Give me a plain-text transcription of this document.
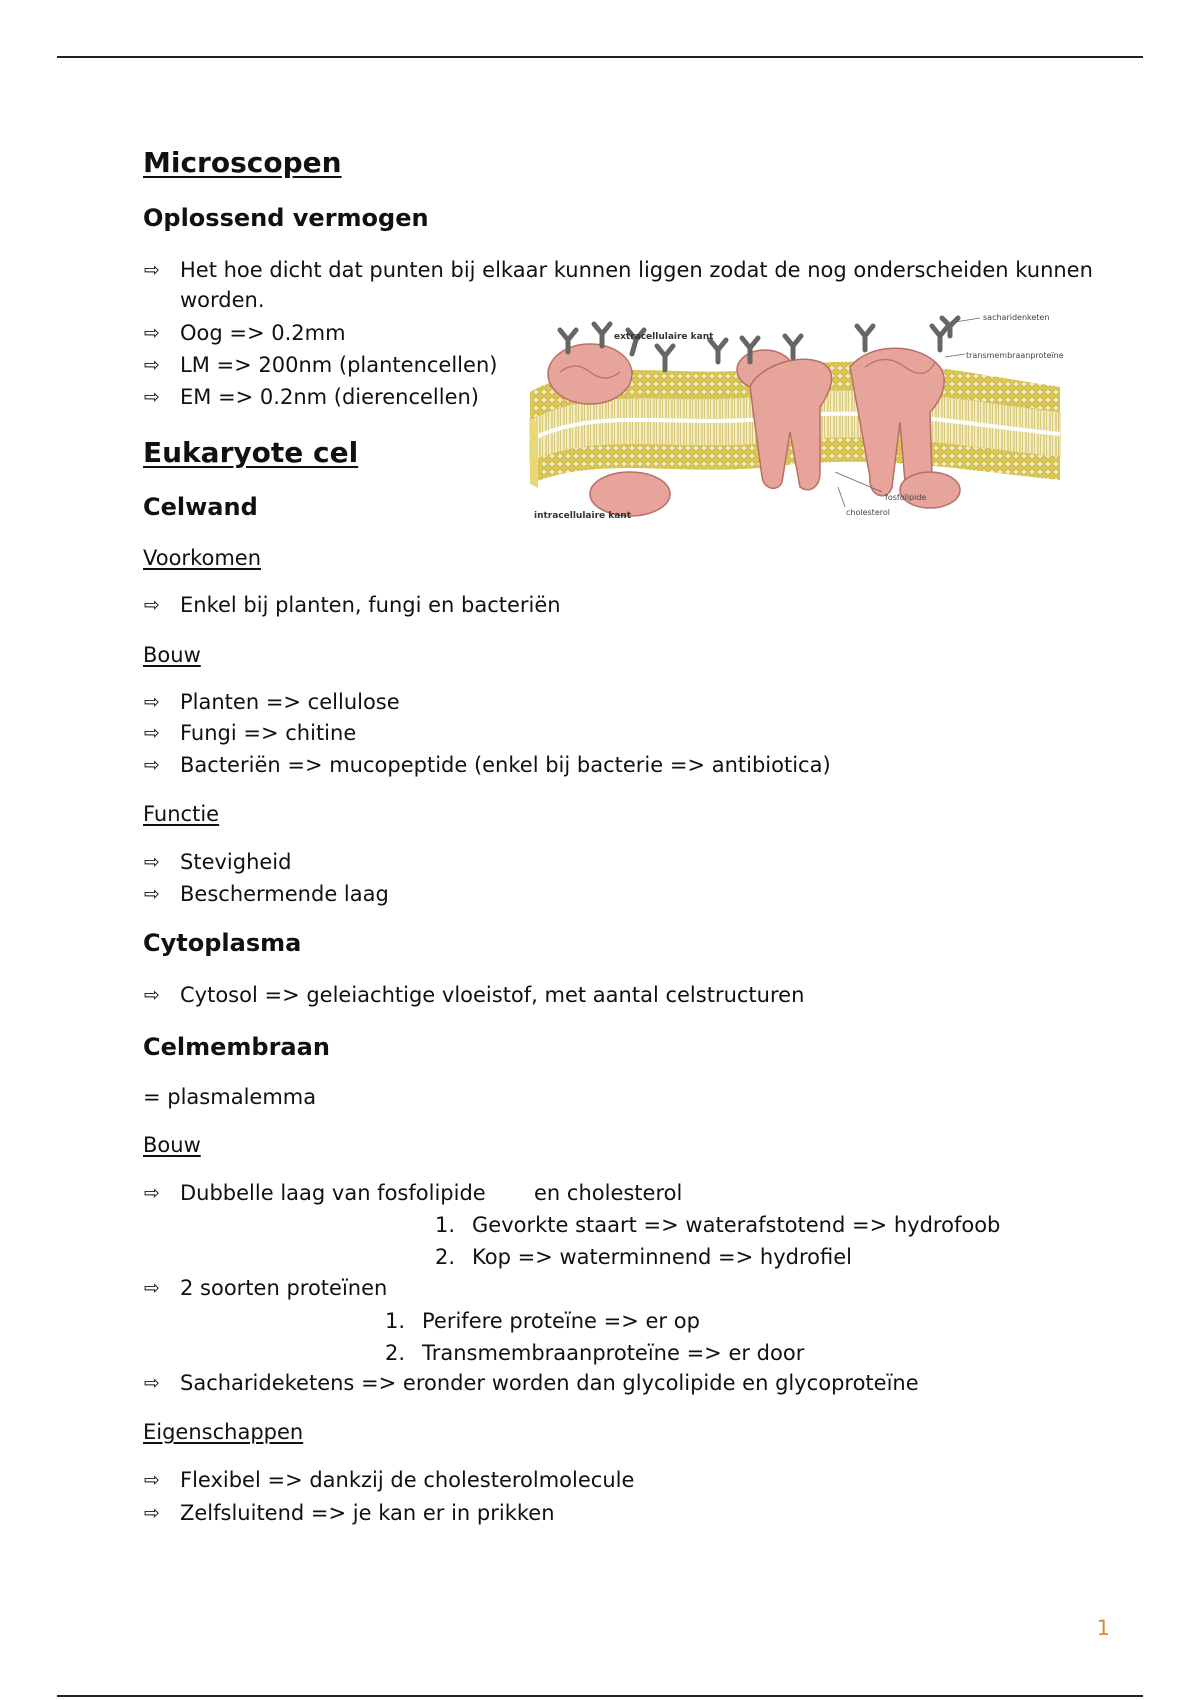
Microscopen
Oplossend vermogen
⇨ Het hoe dicht dat punten bij elkaar kunnen liggen zodat de nog onderscheiden kunnen
worden.
⇨ Oog => 0.2mm
⇨ LM => 200nm (plantencellen)
⇨ EM => 0.2nm (dierencellen)
extracellulaire kant
intracellulaire kant
sacharidenketen
transmembraanproteïne
fosfolipide
cholesterol
Eukaryote cel
Celwand
Voorkomen
⇨ Enkel bij planten, fungi en bacteriën
Bouw
⇨ Planten => cellulose
⇨ Fungi => chitine
⇨ Bacteriën => mucopeptide (enkel bij bacterie => antibiotica)
Functie
⇨ Stevigheid
⇨ Beschermende laag
Cytoplasma
⇨ Cytosol => geleiachtige vloeistof, met aantal celstructuren
Celmembraan
= plasmalemma
Bouw
⇨ Dubbelle laag van fosfolipide en cholesterol
1. Gevorkte staart => waterafstotend => hydrofoob
2. Kop => waterminnend => hydrofiel
⇨ 2 soorten proteïnen
1. Perifere proteïne => er op
2. Transmembraanproteïne => er door
⇨ Sacharideketens => eronder worden dan glycolipide en glycoproteïne
Eigenschappen
⇨ Flexibel => dankzij de cholesterolmolecule
⇨ Zelfsluitend => je kan er in prikken
1
